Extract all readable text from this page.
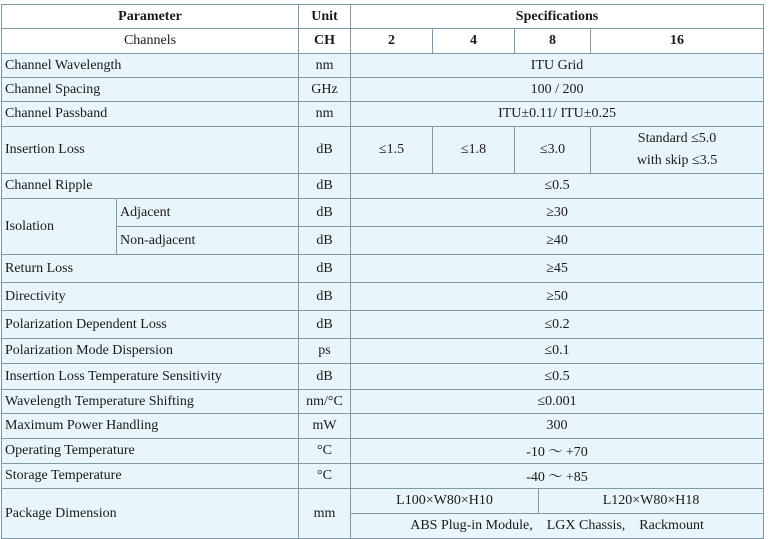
Parameter		Unit	Specifications				
Channels		CH	2	4	8		16
Channel Wavelength		nm	ITU Grid				
Channel Spacing		GHz	100 / 200				
Channel Passband		nm	ITU±0.11/ ITU±0.25				
Insertion Loss		dB	≤1.5	≤1.8	≤3.0		Standard ≤5.0
with skip ≤3.5

Channel Ripple		dB	≤0.5				
Isolation	Adjacent	dB	≥30				
	Non-adjacent	dB	≥40				
Return Loss		dB	≥45				
Directivity		dB	≥50				
Polarization Dependent Loss		dB	≤0.2				
Polarization Mode Dispersion		ps	≤0.1				
Insertion Loss Temperature Sensitivity		dB	≤0.5				
Wavelength Temperature Shifting		nm/°C	≤0.001				
Maximum Power Handling		mW	300				
Operating Temperature		°C	-10 ～ +70				
Storage Temperature		°C	-40 ～ +85				
Package Dimension		mm	L100×W80×H10			L120×W80×H18	
			ABS Plug-in Module,    LGX Chassis,    Rackmount				
